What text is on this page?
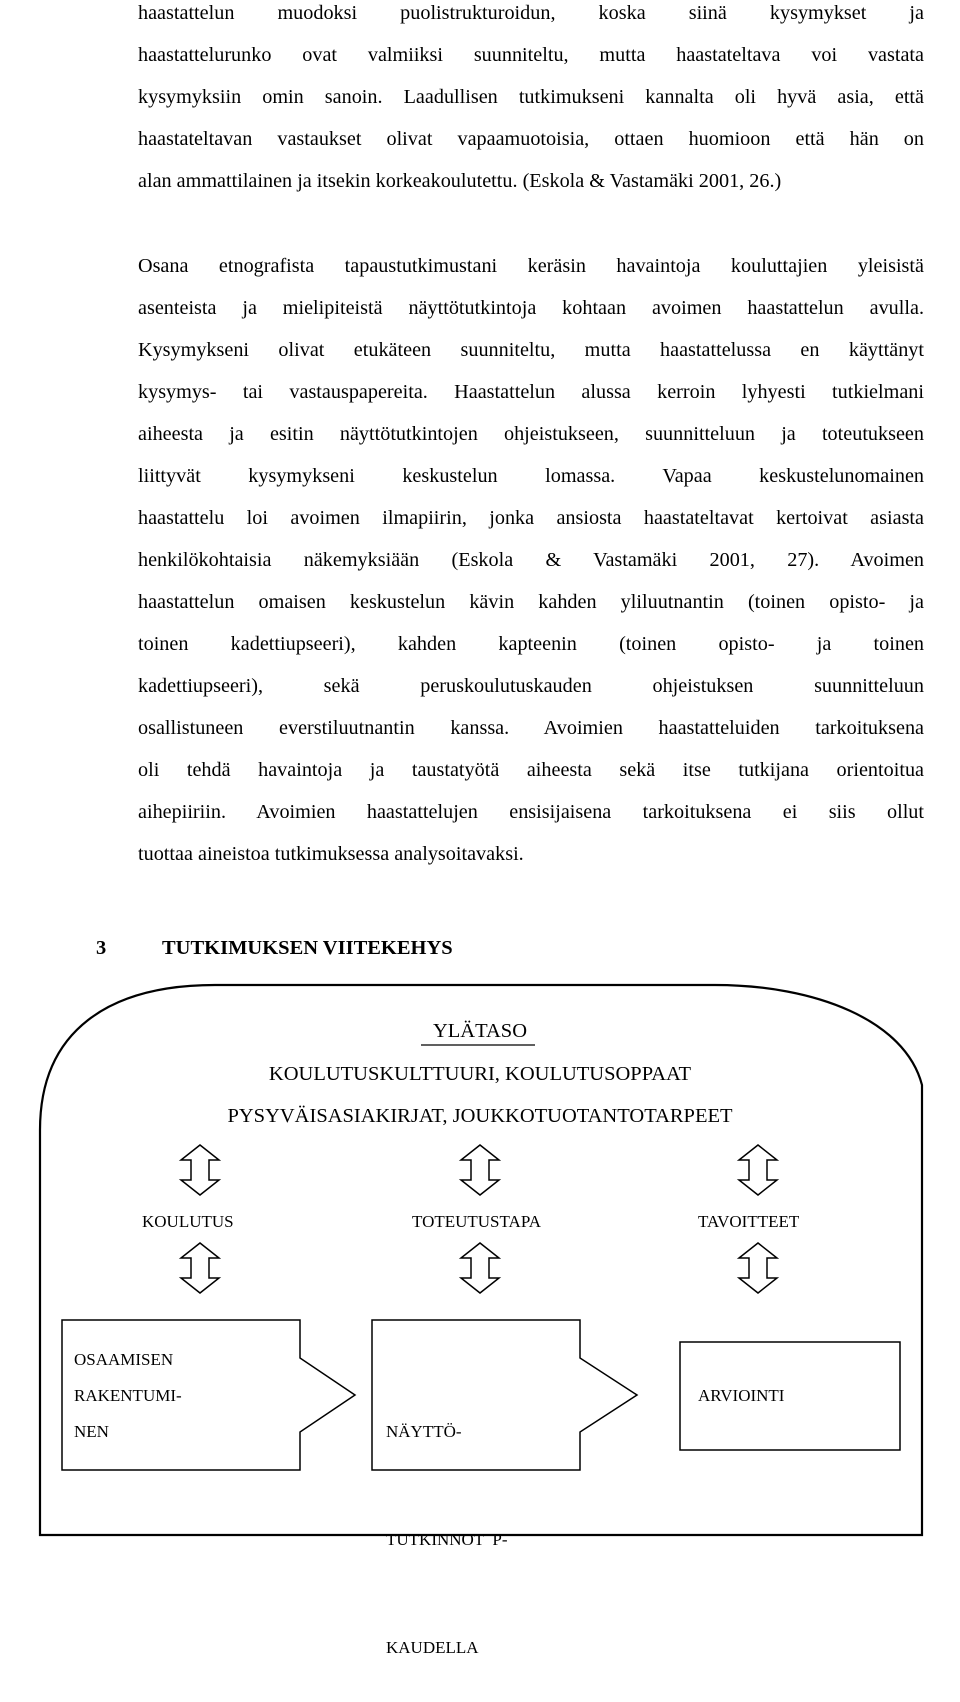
haastattelun muodoksi puolistrukturoidun, koska siinä kysymykset ja
haastattelurunko ovat valmiiksi suunniteltu, mutta haastateltava voi vastata
kysymyksiin omin sanoin. Laadullisen tutkimukseni kannalta oli hyvä asia, että
haastateltavan vastaukset olivat vapaamuotoisia, ottaen huomioon että hän on
alan ammattilainen ja itsekin korkeakoulutettu. (Eskola & Vastamäki 2001, 26.)
Osana etnografista tapaustutkimustani keräsin havaintoja kouluttajien yleisistä
asenteista ja mielipiteistä näyttötutkintoja kohtaan avoimen haastattelun avulla.
Kysymykseni olivat etukäteen suunniteltu, mutta haastattelussa en käyttänyt
kysymys- tai vastauspapereita. Haastattelun alussa kerroin lyhyesti tutkielmani
aiheesta ja esitin näyttötutkintojen ohjeistukseen, suunnitteluun ja toteutukseen
liittyvät kysymykseni keskustelun lomassa. Vapaa keskustelunomainen
haastattelu loi avoimen ilmapiirin, jonka ansiosta haastateltavat kertoivat asiasta
henkilökohtaisia näkemyksiään (Eskola & Vastamäki 2001, 27). Avoimen
haastattelun omaisen keskustelun kävin kahden yliluutnantin (toinen opisto- ja
toinen kadettiupseeri), kahden kapteenin (toinen opisto- ja toinen
kadettiupseeri), sekä peruskoulutuskauden ohjeistuksen suunnitteluun
osallistuneen everstiluutnantin kanssa. Avoimien haastatteluiden tarkoituksena
oli tehdä havaintoja ja taustatyötä aiheesta sekä itse tutkijana orientoitua
aihepiiriin. Avoimien haastattelujen ensisijaisena tarkoituksena ei siis ollut
tuottaa aineistoa tutkimuksessa analysoitavaksi.
3	TUTKIMUKSEN VIITEKEHYS
YLÄTASO
KOULUTUSKULTTUURI, KOULUTUSOPPAAT
PYSYVÄISASIAKIRJAT, JOUKKOTUOTANTOTARPEET
KOULUTUS	TOTEUTUSTAPA	TAVOITTEET
OSAAMISEN
RAKENTUMI-
NEN

	NÄYTTÖ-

TUTKINNOT  P-

KAUDELLA

ARVIOINTI
